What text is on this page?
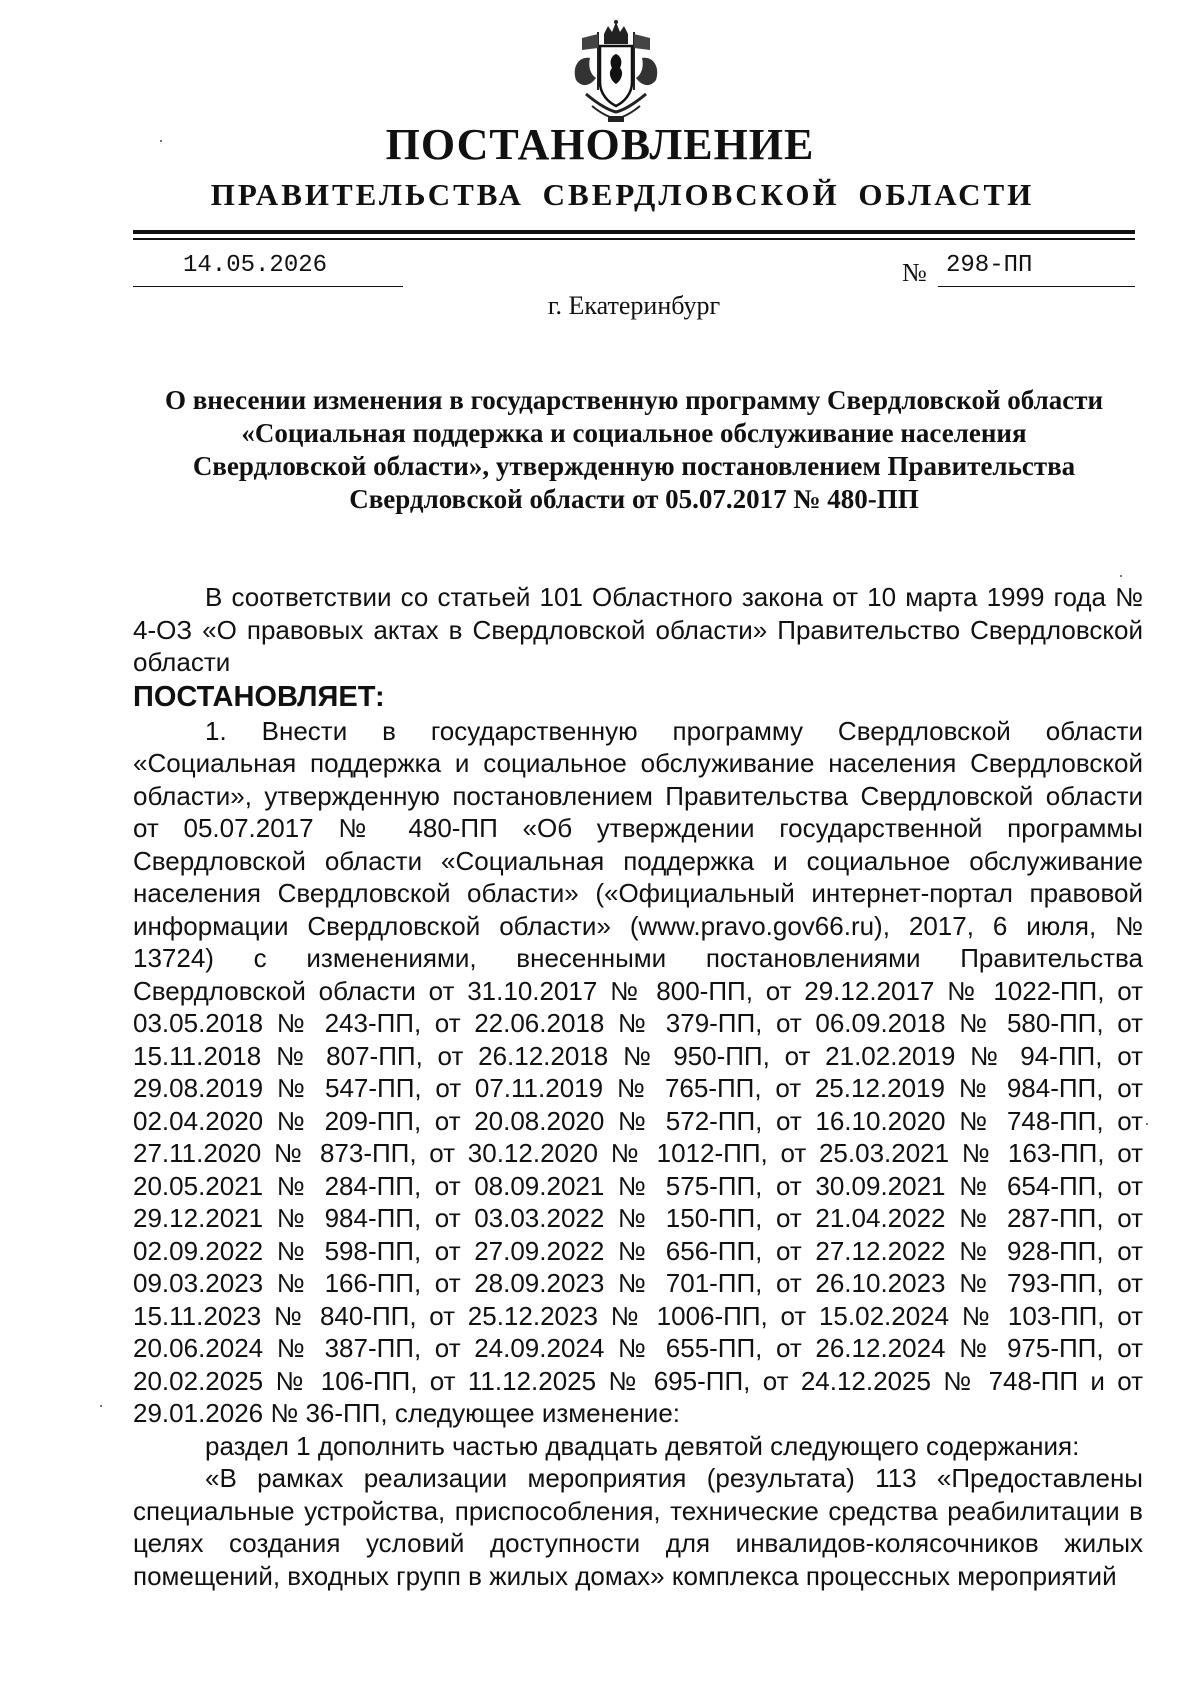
ПОСТАНОВЛЕНИЕ
ПРАВИТЕЛЬСТВА СВЕРДЛОВСКОЙ ОБЛАСТИ
14.05.2026	№ 298-ПП
г. Екатеринбург
О внесении изменения в государственную программу Свердловской области
«Социальная поддержка и социальное обслуживание населения
Свердловской области», утвержденную постановлением Правительства
Свердловской области от 05.07.2017 № 480-ПП

В соответствии со статьей 101 Областного закона от 10 марта 1999 года № 4-ОЗ «О правовых актах в Свердловской области» Правительство Свердловской области

ПОСТАНОВЛЯЕТ:

1. Внести в государственную программу Свердловской области «Социальная поддержка и социальное обслуживание населения Свердловской области», утвержденную постановлением Правительства Свердловской области от 05.07.2017 № 480-ПП «Об утверждении государственной программы Свердловской области «Социальная поддержка и социальное обслуживание населения Свердловской области» («Официальный интернет-портал правовой информации Свердловской области» (www.pravo.gov66.ru), 2017, 6 июля, № 13724) с изменениями, внесенными постановлениями Правительства Свердловской области от 31.10.2017 № 800-ПП, от 29.12.2017 № 1022-ПП, от 03.05.2018 № 243-ПП, от 22.06.2018 № 379-ПП, от 06.09.2018 № 580-ПП, от 15.11.2018 № 807-ПП, от 26.12.2018 № 950-ПП, от 21.02.2019 № 94-ПП, от 29.08.2019 № 547-ПП, от 07.11.2019 № 765-ПП, от 25.12.2019 № 984-ПП, от 02.04.2020 № 209-ПП, от 20.08.2020 № 572-ПП, от 16.10.2020 № 748-ПП, от 27.11.2020 № 873-ПП, от 30.12.2020 № 1012-ПП, от 25.03.2021 № 163-ПП, от 20.05.2021 № 284-ПП, от 08.09.2021 № 575-ПП, от 30.09.2021 № 654-ПП, от 29.12.2021 № 984-ПП, от 03.03.2022 № 150-ПП, от 21.04.2022 № 287-ПП, от 02.09.2022 № 598-ПП, от 27.09.2022 № 656-ПП, от 27.12.2022 № 928-ПП, от 09.03.2023 № 166-ПП, от 28.09.2023 № 701-ПП, от 26.10.2023 № 793-ПП, от 15.11.2023 № 840-ПП, от 25.12.2023 № 1006-ПП, от 15.02.2024 № 103-ПП, от 20.06.2024 № 387-ПП, от 24.09.2024 № 655-ПП, от 26.12.2024 № 975-ПП, от 20.02.2025 № 106-ПП, от 11.12.2025 № 695-ПП, от 24.12.2025 № 748-ПП и от 29.01.2026 № 36-ПП, следующее изменение:

раздел 1 дополнить частью двадцать девятой следующего содержания:

«В рамках реализации мероприятия (результата) 113 «Предоставлены специальные устройства, приспособления, технические средства реабилитации в целях создания условий доступности для инвалидов-колясочников жилых помещений, входных групп в жилых домах» комплекса процессных мероприятий
